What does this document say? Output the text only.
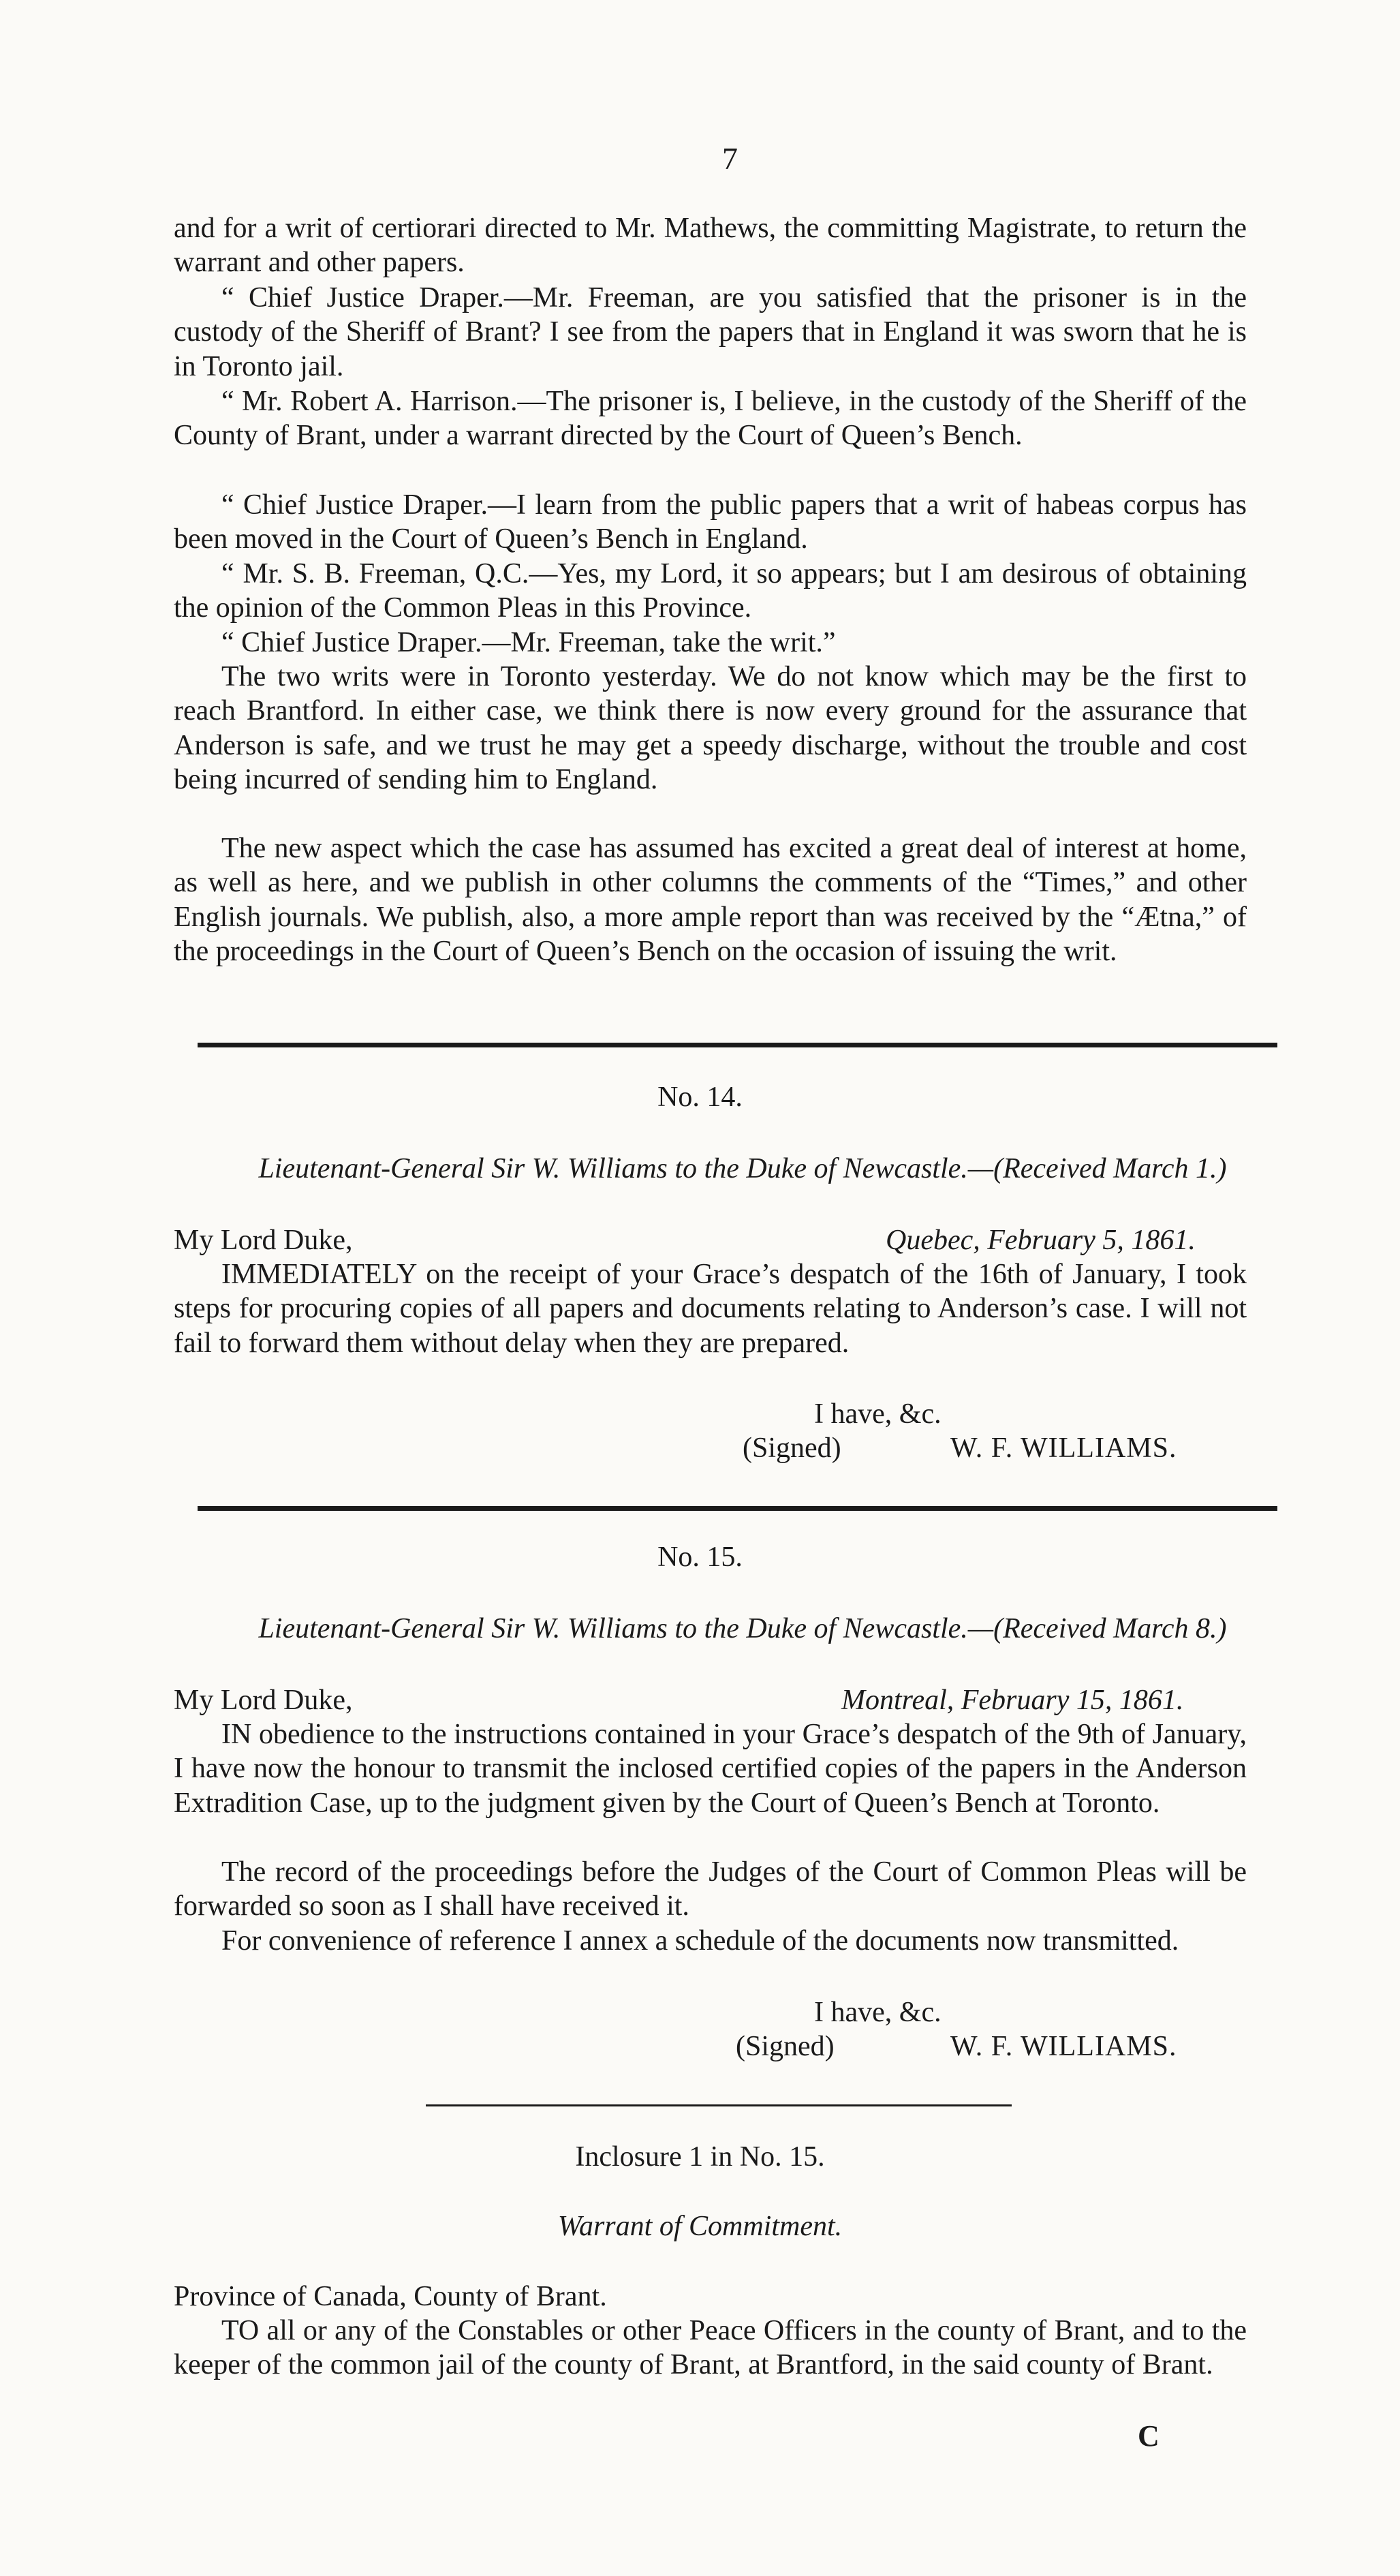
7

and for a writ of certiorari directed to Mr. Mathews, the committing Magistrate, to return the warrant and other papers.

“ Chief Justice Draper.—Mr. Freeman, are you satisfied that the prisoner is in the custody of the Sheriff of Brant? I see from the papers that in England it was sworn that he is in Toronto jail.

“ Mr. Robert A. Harrison.—The prisoner is, I believe, in the custody of the Sheriff of the County of Brant, under a warrant directed by the Court of Queen’s Bench.

“ Chief Justice Draper.—I learn from the public papers that a writ of habeas corpus has been moved in the Court of Queen’s Bench in England.

“ Mr. S. B. Freeman, Q.C.—Yes, my Lord, it so appears; but I am desirous of obtaining the opinion of the Common Pleas in this Province.

“ Chief Justice Draper.—Mr. Freeman, take the writ.”

The two writs were in Toronto yesterday. We do not know which may be the first to reach Brantford. In either case, we think there is now every ground for the assurance that Anderson is safe, and we trust he may get a speedy discharge, without the trouble and cost being incurred of sending him to England.

The new aspect which the case has assumed has excited a great deal of interest at home, as well as here, and we publish in other columns the comments of the “Times,” and other English journals. We publish, also, a more ample report than was received by the “Ætna,” of the proceedings in the Court of Queen’s Bench on the occasion of issuing the writ.

No. 14.
Lieutenant-General Sir W. Williams to the Duke of Newcastle.—(Received March 1.)
My Lord Duke,	Quebec, February 5, 1861.

IMMEDIATELY on the receipt of your Grace’s despatch of the 16th of January, I took steps for procuring copies of all papers and documents relating to Anderson’s case. I will not fail to forward them without delay when they are prepared.

I have, &c.
(Signed)	W. F. WILLIAMS.
No. 15.
Lieutenant-General Sir W. Williams to the Duke of Newcastle.—(Received March 8.)
My Lord Duke,	Montreal, February 15, 1861.

IN obedience to the instructions contained in your Grace’s despatch of the 9th of January, I have now the honour to transmit the inclosed certified copies of the papers in the Anderson Extradition Case, up to the judgment given by the Court of Queen’s Bench at Toronto.

The record of the proceedings before the Judges of the Court of Common Pleas will be forwarded so soon as I shall have received it.

For convenience of reference I annex a schedule of the documents now transmitted.

I have, &c.
(Signed)	W. F. WILLIAMS.
Inclosure 1 in No. 15.
Warrant of Commitment.
Province of Canada, County of Brant.

TO all or any of the Constables or other Peace Officers in the county of Brant, and to the keeper of the common jail of the county of Brant, at Brantford, in the said county of Brant.

C
